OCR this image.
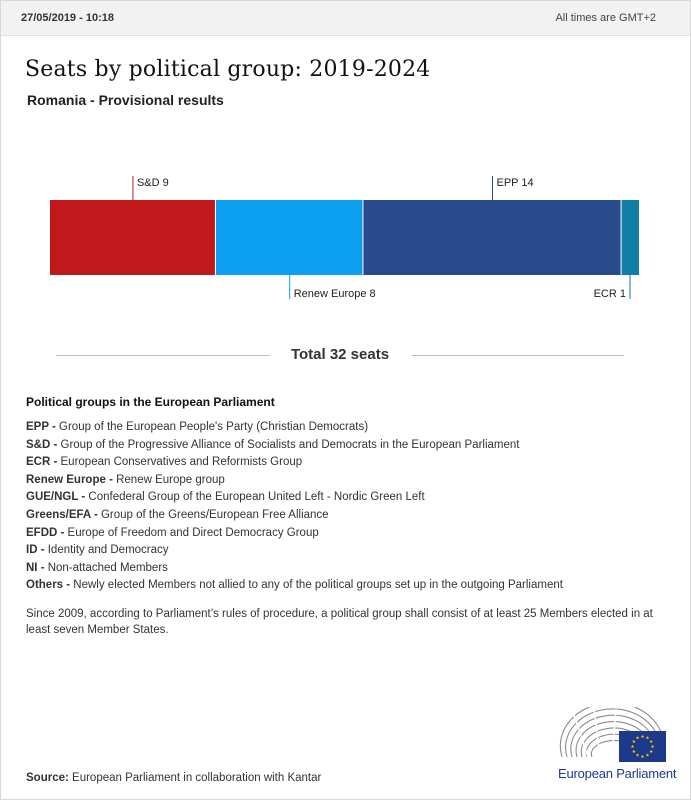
27/05/2019 - 10:18	All times are GMT+2
Seats by political group: 2019-2024
Romania - Provisional results
S&D 9
Renew Europe 8
EPP 14
ECR 1
Total 32 seats
Political groups in the European Parliament
EPP - Group of the European People's Party (Christian Democrats)
S&D - Group of the Progressive Alliance of Socialists and Democrats in the European Parliament
ECR - European Conservatives and Reformists Group
Renew Europe - Renew Europe group
GUE/NGL - Confederal Group of the European United Left - Nordic Green Left
Greens/EFA - Group of the Greens/European Free Alliance
EFDD - Europe of Freedom and Direct Democracy Group
ID - Identity and Democracy
NI - Non-attached Members
Others - Newly elected Members not allied to any of the political groups set up in the outgoing Parliament
Since 2009, according to Parliament’s rules of procedure, a political group shall consist of at least 25 Members elected in at least seven Member States.
Source: European Parliament in collaboration with Kantar	European Parliament
